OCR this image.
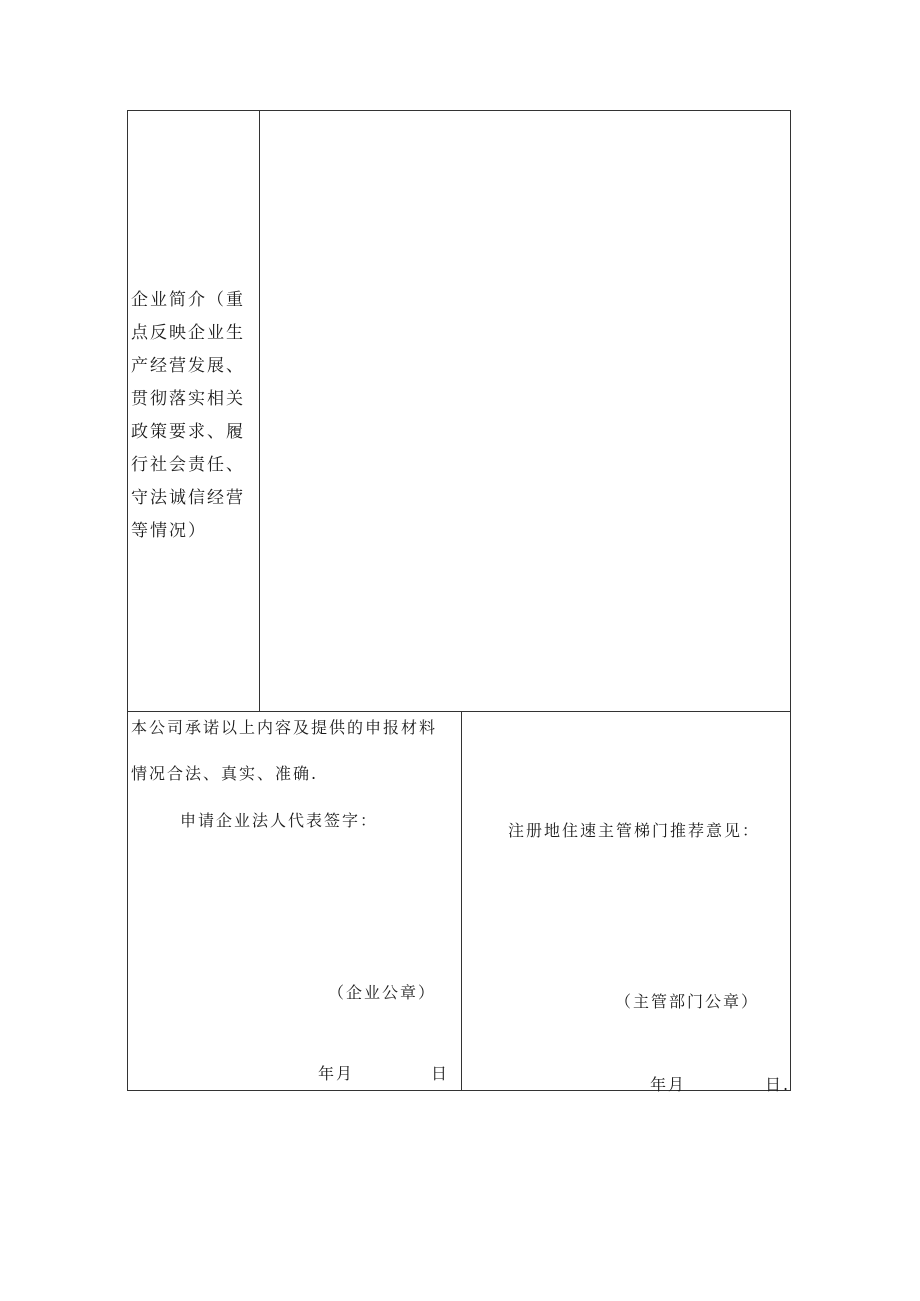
企业简介（重点反映企业生产经营发展、贯彻落实相关政策要求、履行社会责任、守法诚信经营等情况）
本公司承诺以上内容及提供的申报材料
情况合法、真实、准确.
申请企业法人代表签字：
（企业公章）
年月	日
注册地住速主管梯门推荐意见：
（主管部门公章）
年月	日.
